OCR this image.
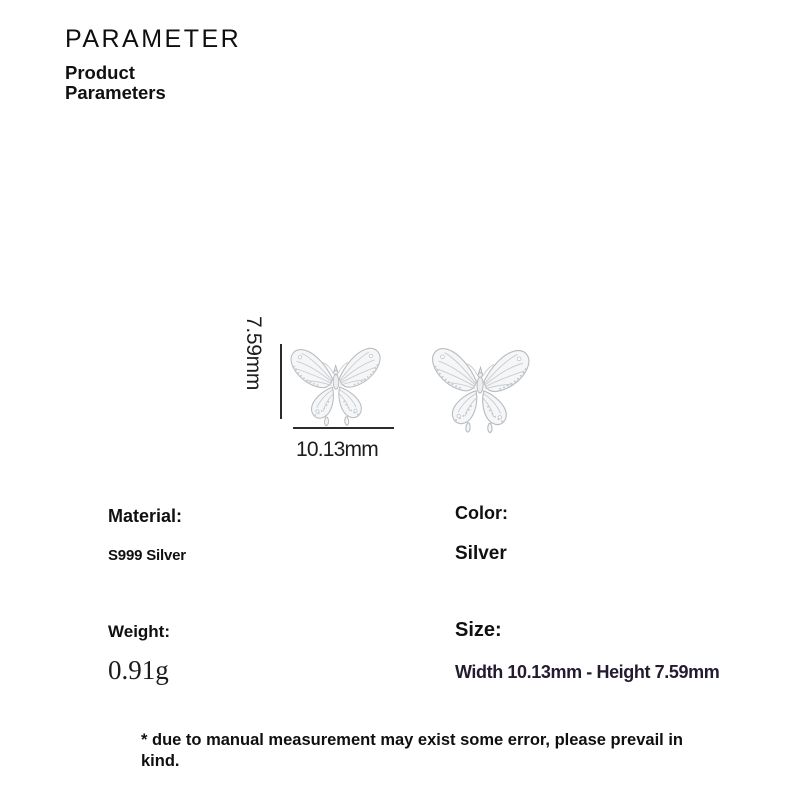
PARAMETER
Product Parameters
7.59mm
10.13mm
Material:
S999 Silver
Color:
Silver
Weight:
0.91g
Size:
Width 10.13mm - Height 7.59mm

* due to manual measurement may exist some error, please prevail in kind.
